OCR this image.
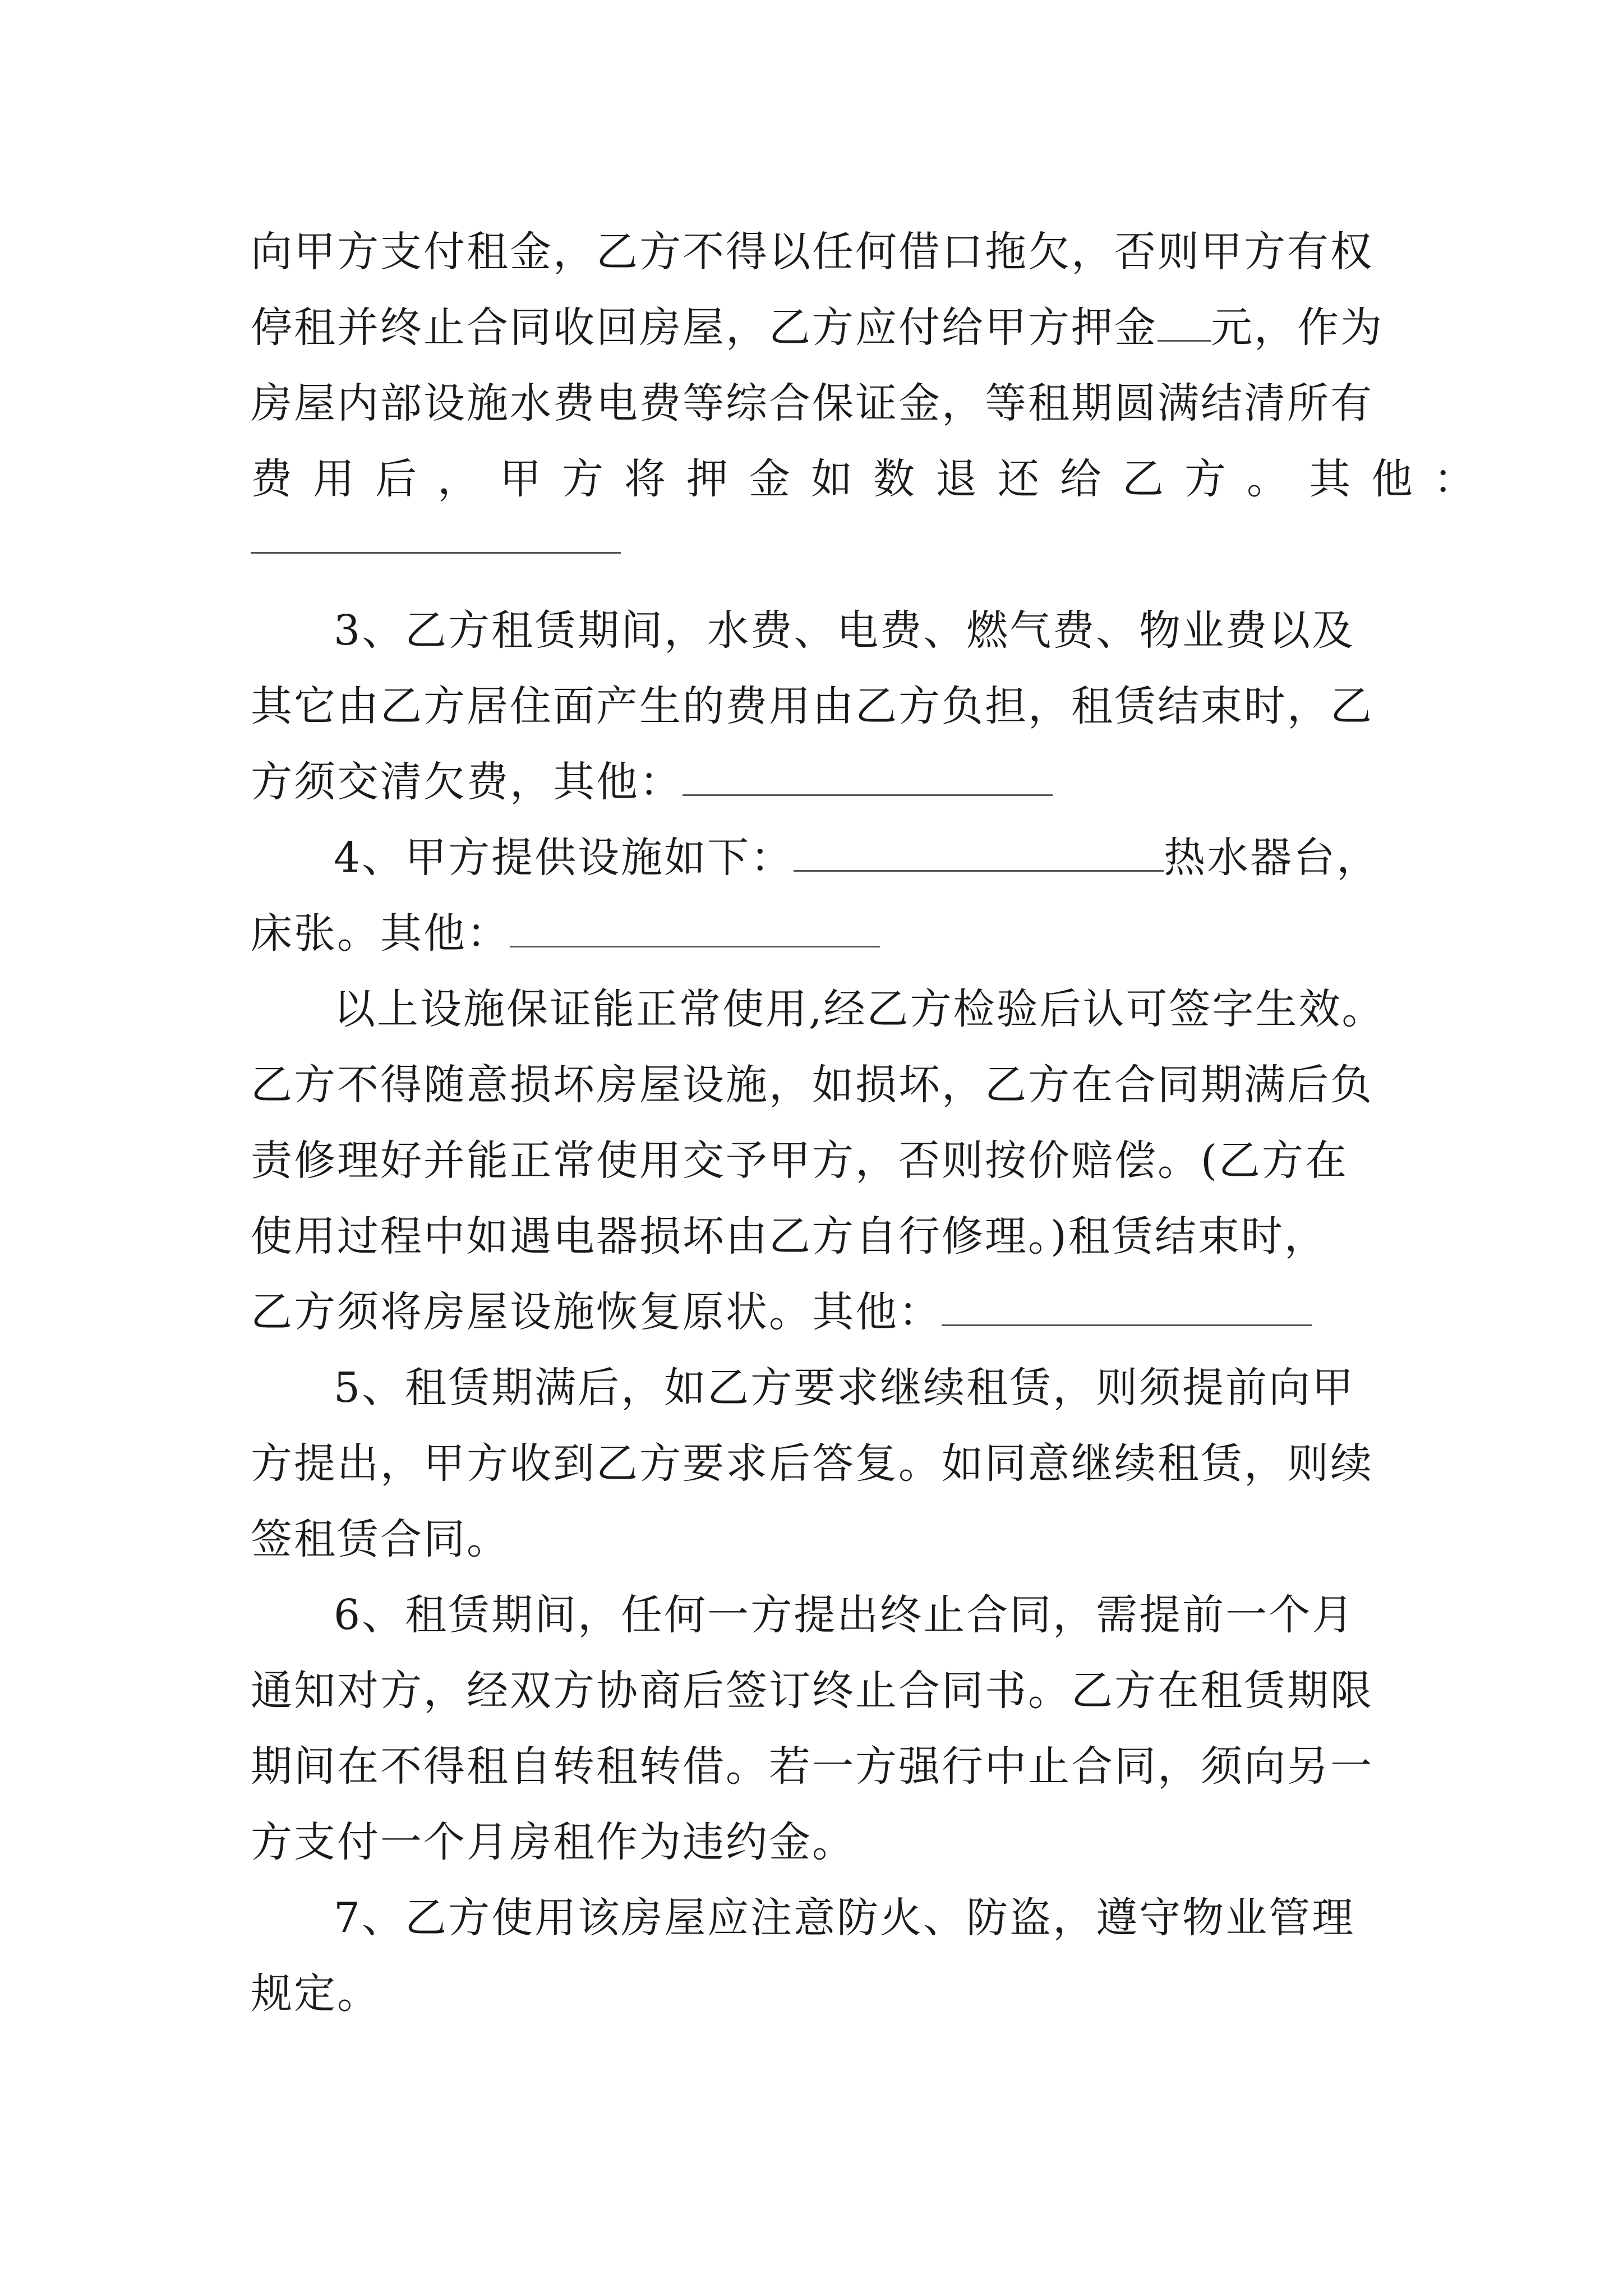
向甲方支付租金，乙方不得以任何借口拖欠，否则甲方有权
停租并终止合同收回房屋，乙方应付给甲方押金 元，作为
房屋内部设施水费电费等综合保证金，等租期圆满结清所有
费用后，甲方将押金如数退还给乙方。其他：
3、乙方租赁期间，水费、电费、燃气费、物业费以及
其它由乙方居住面产生的费用由乙方负担，租赁结束时，乙
方须交清欠费，其他：
4、甲方提供设施如下：	热水器台，
床张。其他：
以上设施保证能正常使用,经乙方检验后认可签字生效。
乙方不得随意损坏房屋设施，如损坏，乙方在合同期满后负
责修理好并能正常使用交予甲方，否则按价赔偿。(乙方在
使用过程中如遇电器损坏由乙方自行修理。)租赁结束时，
乙方须将房屋设施恢复原状。其他：
5、租赁期满后，如乙方要求继续租赁，则须提前向甲
方提出，甲方收到乙方要求后答复。如同意继续租赁，则续
签租赁合同。
6、租赁期间，任何一方提出终止合同，需提前一个月
通知对方，经双方协商后签订终止合同书。乙方在租赁期限
期间在不得租自转租转借。若一方强行中止合同，须向另一
方支付一个月房租作为违约金。
7、乙方使用该房屋应注意防火、防盗，遵守物业管理
规定。
